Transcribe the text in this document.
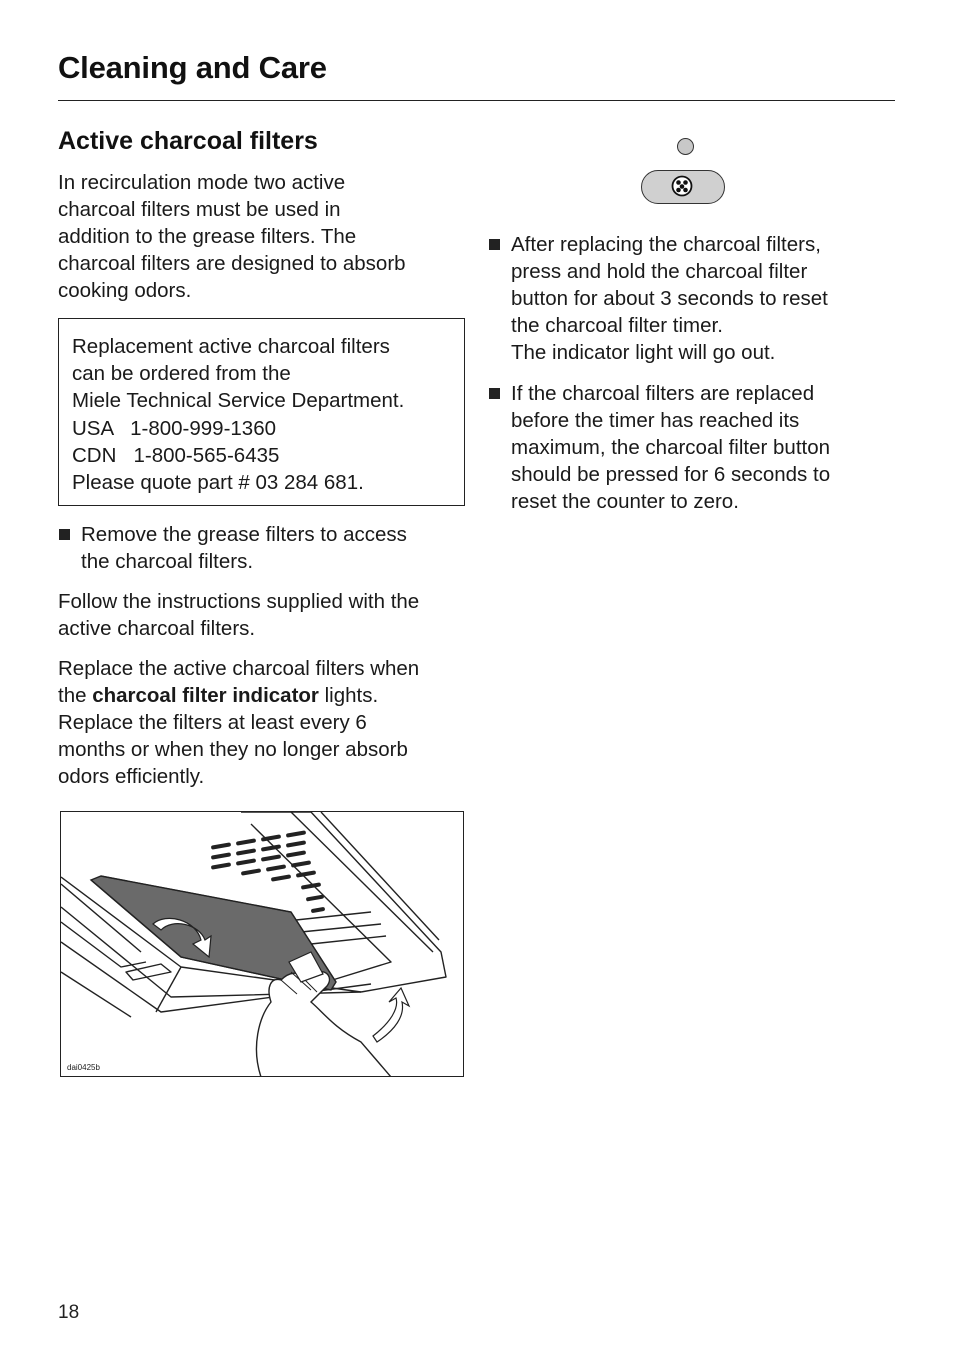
Cleaning and Care
Active charcoal filters

In recirculation mode two active
charcoal filters must be used in
addition to the grease filters. The
charcoal filters are designed to absorb
cooking odors.

Replacement active charcoal filters
can be ordered from the
Miele Technical Service Department.
USA   1-800-999-1360
CDN   1-800-565-6435
Please quote part # 03 284 681.
Remove the grease filters to access
the charcoal filters.

Follow the instructions supplied with the
active charcoal filters.

Replace the active charcoal filters when
the charcoal filter indicator lights.
Replace the filters at least every 6
months or when they no longer absorb
odors efficiently.

dai0425b
After replacing the charcoal filters,
press and hold the charcoal filter
button for about 3 seconds to reset
the charcoal filter timer.
The indicator light will go out.
If the charcoal filters are replaced
before the timer has reached its
maximum, the charcoal filter button
should be pressed for 6 seconds to
reset the counter to zero.
18
